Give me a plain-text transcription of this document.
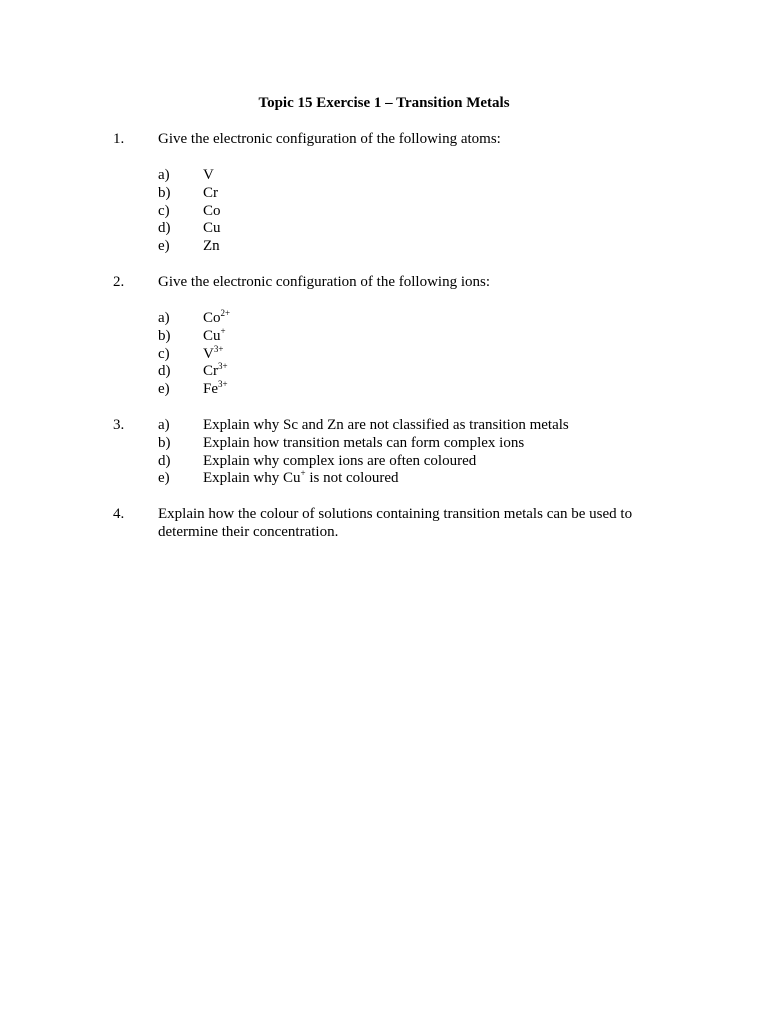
Topic 15 Exercise 1 – Transition Metals
1. Give the electronic configuration of the following atoms:
a) V
b) Cr
c) Co
d) Cu
e) Zn
2. Give the electronic configuration of the following ions:
a) $Co^{2+}$
b) Cu+
c) $V^{3+}$
d) $Cr^{3+}$
e) $Fe^{3+}$
3. a) Explain why Sc and Zn are not classified as transition metals
b) Explain how transition metals can form complex ions
d) Explain why complex ions are often coloured
e) Explain why Cu+ is not coloured
4. Explain how the colour of solutions containing transition metals can be used to determine their concentration.
